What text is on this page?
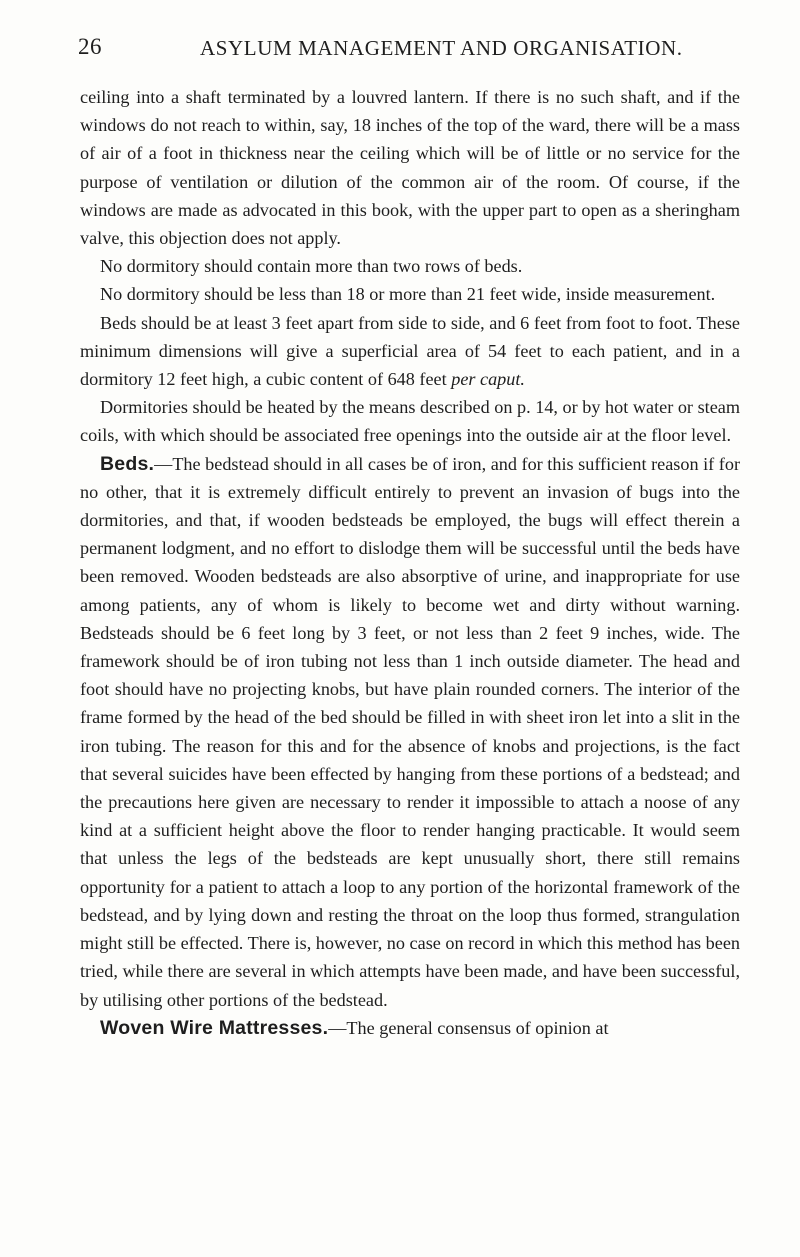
26	ASYLUM MANAGEMENT AND ORGANISATION.

ceiling into a shaft terminated by a louvred lantern. If there is no such shaft, and if the windows do not reach to within, say, 18 inches of the top of the ward, there will be a mass of air of a foot in thickness near the ceiling which will be of little or no service for the purpose of ventilation or dilution of the common air of the room. Of course, if the windows are made as advocated in this book, with the upper part to open as a sheringham valve, this objection does not apply.

No dormitory should contain more than two rows of beds.

No dormitory should be less than 18 or more than 21 feet wide, inside measurement.

Beds should be at least 3 feet apart from side to side, and 6 feet from foot to foot. These minimum dimensions will give a superficial area of 54 feet to each patient, and in a dormitory 12 feet high, a cubic content of 648 feet per caput.

Dormitories should be heated by the means described on p. 14, or by hot water or steam coils, with which should be associated free openings into the outside air at the floor level.

Beds.—The bedstead should in all cases be of iron, and for this sufficient reason if for no other, that it is extremely difficult entirely to prevent an invasion of bugs into the dormitories, and that, if wooden bedsteads be employed, the bugs will effect therein a permanent lodgment, and no effort to dislodge them will be successful until the beds have been removed. Wooden bedsteads are also absorptive of urine, and inappropriate for use among patients, any of whom is likely to become wet and dirty without warning. Bedsteads should be 6 feet long by 3 feet, or not less than 2 feet 9 inches, wide. The framework should be of iron tubing not less than 1 inch outside diameter. The head and foot should have no projecting knobs, but have plain rounded corners. The interior of the frame formed by the head of the bed should be filled in with sheet iron let into a slit in the iron tubing. The reason for this and for the absence of knobs and projections, is the fact that several suicides have been effected by hanging from these portions of a bedstead; and the precautions here given are necessary to render it impossible to attach a noose of any kind at a sufficient height above the floor to render hanging practicable. It would seem that unless the legs of the bedsteads are kept unusually short, there still remains opportunity for a patient to attach a loop to any portion of the horizontal framework of the bedstead, and by lying down and resting the throat on the loop thus formed, strangulation might still be effected. There is, however, no case on record in which this method has been tried, while there are several in which attempts have been made, and have been successful, by utilising other portions of the bedstead.

Woven Wire Mattresses.—The general consensus of opinion at
